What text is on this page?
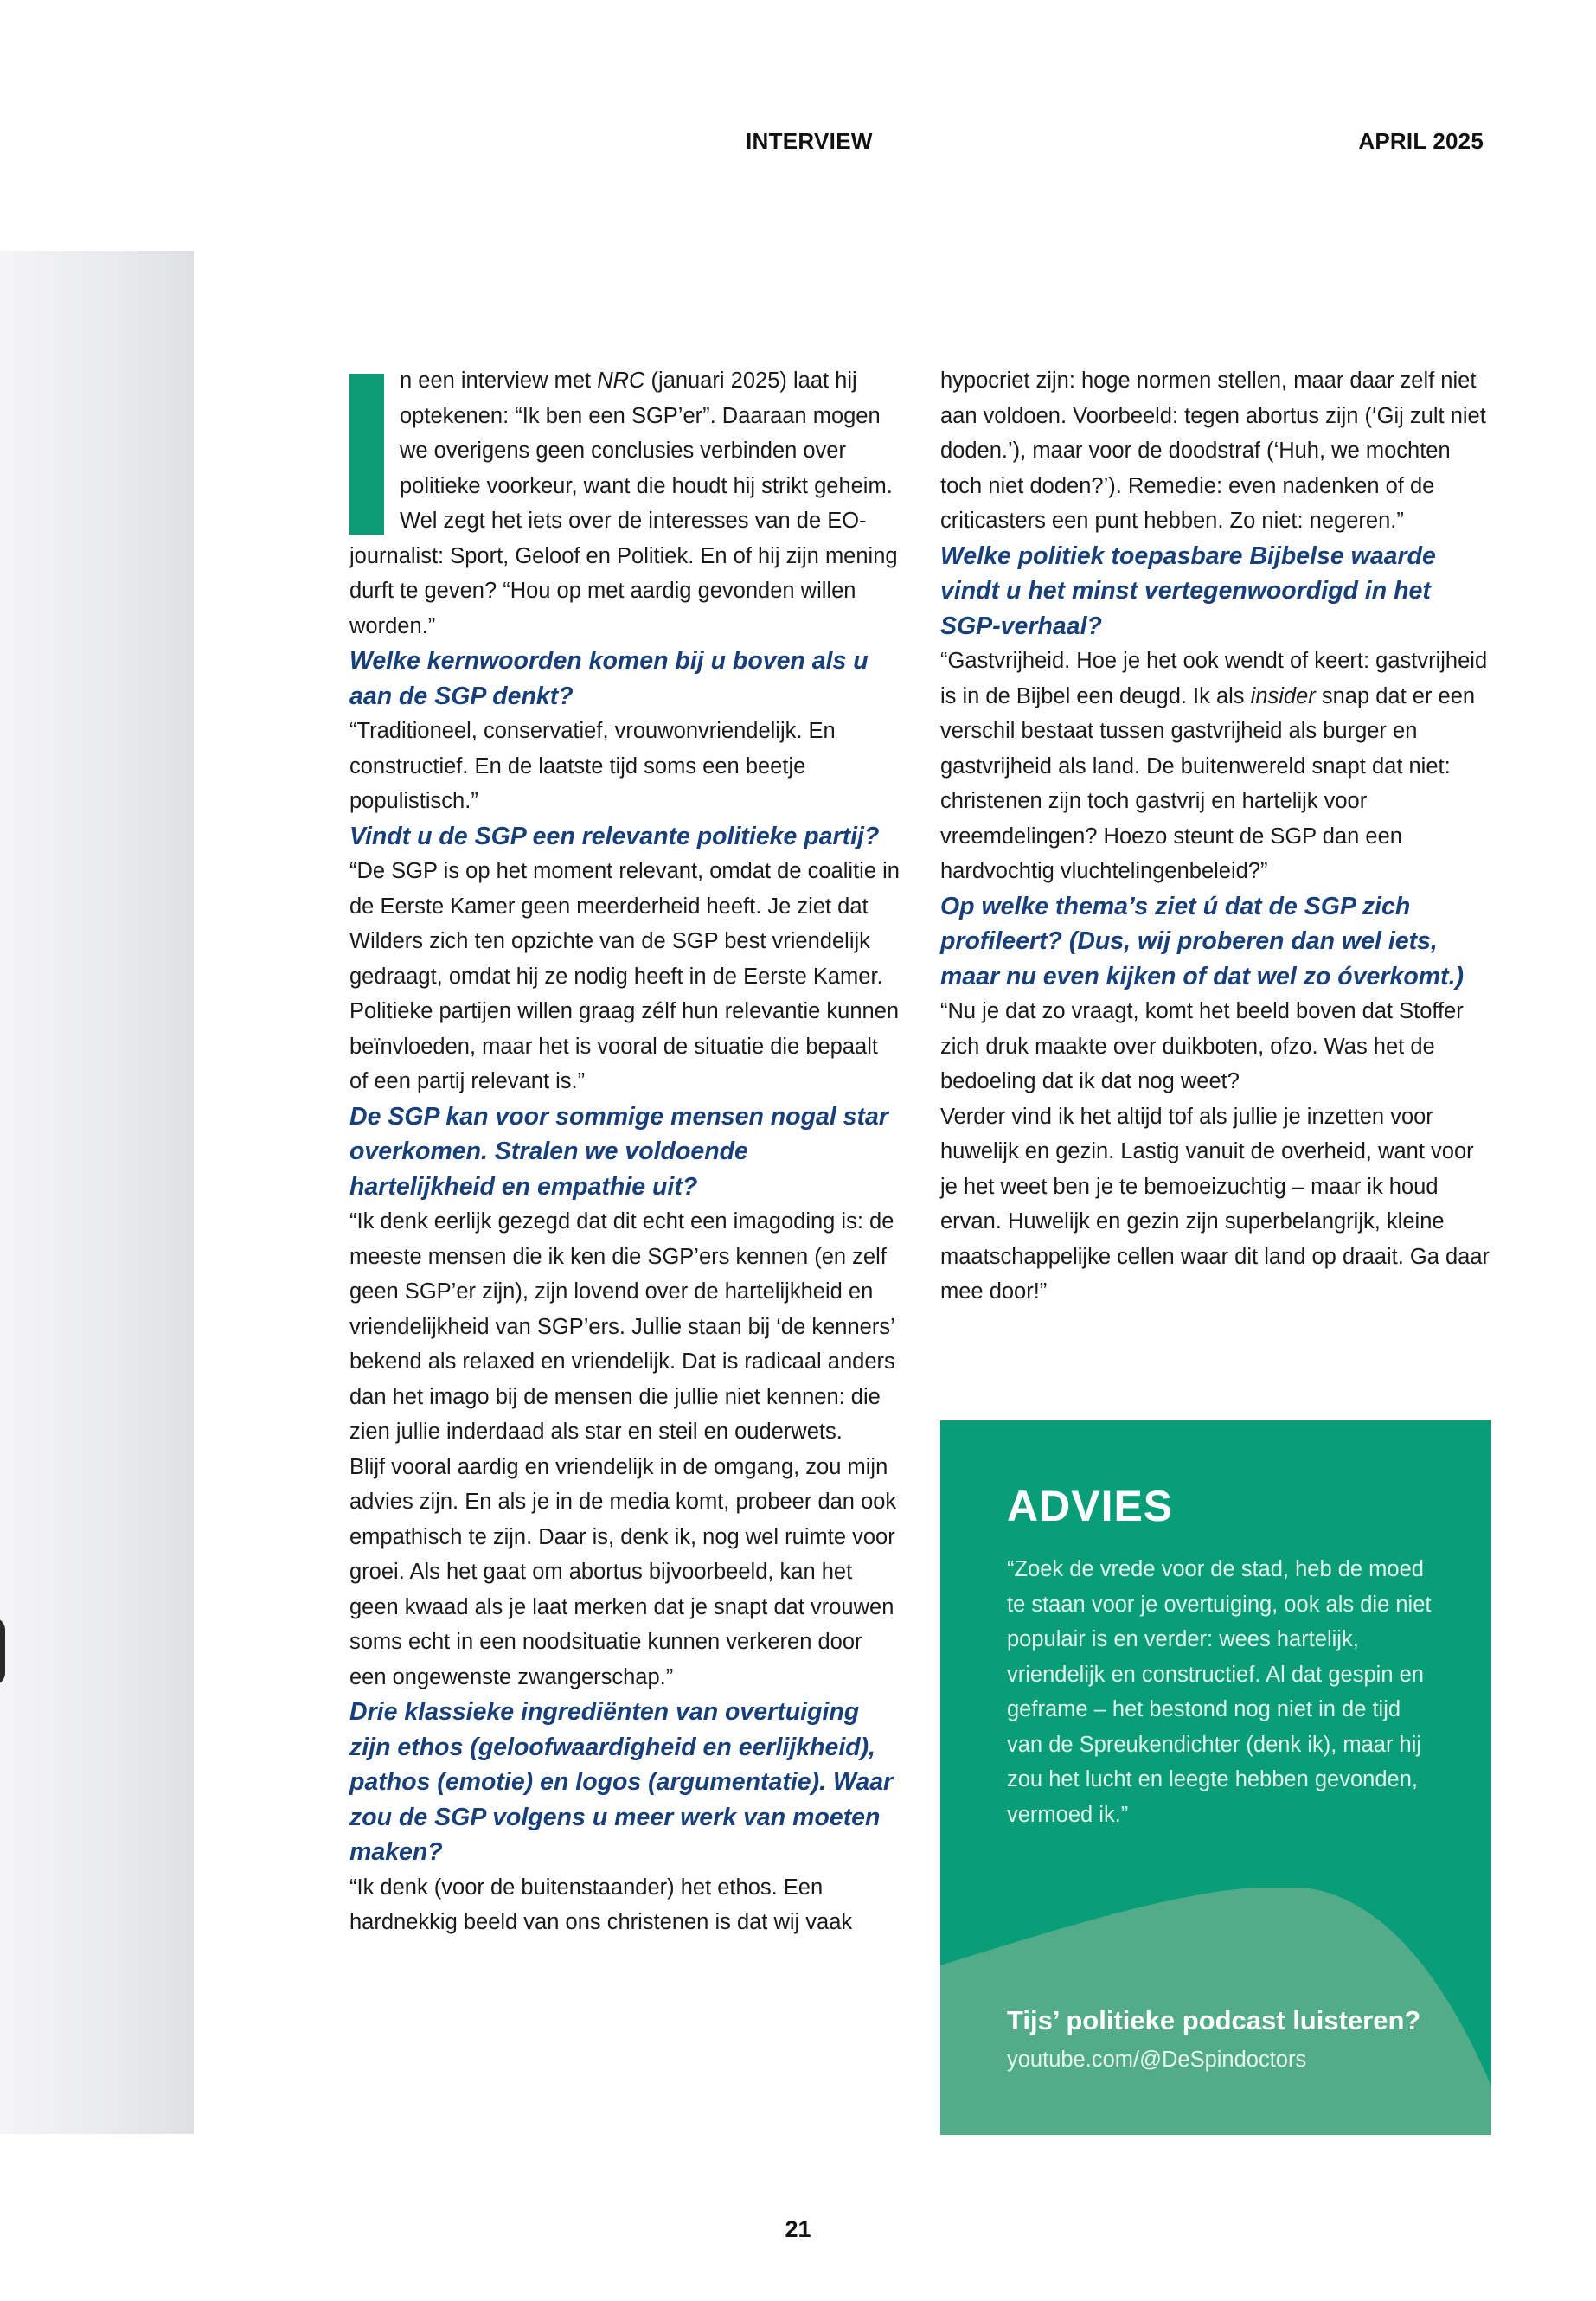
INTERVIEW	APRIL 2025

n een interview met NRC (januari 2025) laat hij optekenen: “Ik ben een SGP’er”. Daaraan mogen we overigens geen conclusies verbinden over politieke voorkeur, want die houdt hij strikt geheim. Wel zegt het iets over de interesses van de EO-journalist: Sport, Geloof en Politiek. En of hij zijn mening durft te geven? “Hou op met aardig gevonden willen worden.”

Welke kernwoorden komen bij u boven als u aan de SGP denkt?

“Traditioneel, conservatief, vrouwonvriendelijk. En constructief. En de laatste tijd soms een beetje populistisch.”

Vindt u de SGP een relevante politieke partij?

“De SGP is op het moment relevant, omdat de coalitie in de Eerste Kamer geen meerderheid heeft. Je ziet dat Wilders zich ten opzichte van de SGP best vriendelijk gedraagt, omdat hij ze nodig heeft in de Eerste Kamer. Politieke partijen willen graag zélf hun relevantie kunnen beïnvloeden, maar het is vooral de situatie die bepaalt of een partij relevant is.”

De SGP kan voor sommige mensen nogal star overkomen. Stralen we voldoende hartelijkheid en empathie uit?

“Ik denk eerlijk gezegd dat dit echt een imagoding is: de meeste mensen die ik ken die SGP’ers kennen (en zelf geen SGP’er zijn), zijn lovend over de hartelijkheid en vriendelijkheid van SGP’ers. Jullie staan bij ‘de kenners’ bekend als relaxed en vriendelijk. Dat is radicaal anders dan het imago bij de mensen die jullie niet kennen: die zien jullie inderdaad als star en steil en ouderwets.

Blijf vooral aardig en vriendelijk in de omgang, zou mijn advies zijn. En als je in de media komt, probeer dan ook empathisch te zijn. Daar is, denk ik, nog wel ruimte voor groei. Als het gaat om abortus bijvoorbeeld, kan het geen kwaad als je laat merken dat je snapt dat vrouwen soms echt in een noodsituatie kunnen verkeren door een ongewenste zwangerschap.”

Drie klassieke ingrediënten van overtuiging zijn ethos (geloofwaardigheid en eerlijkheid), pathos (emotie) en logos (argumentatie). Waar zou de SGP volgens u meer werk van moeten maken?

“Ik denk (voor de buitenstaander) het ethos. Een hardnekkig beeld van ons christenen is dat wij vaak

hypocriet zijn: hoge normen stellen, maar daar zelf niet aan voldoen. Voorbeeld: tegen abortus zijn (‘Gij zult niet doden.’), maar voor de doodstraf (‘Huh, we mochten toch niet doden?’). Remedie: even nadenken of de criticasters een punt hebben. Zo niet: negeren.”

Welke politiek toepasbare Bijbelse waarde vindt u het minst vertegenwoordigd in het SGP-verhaal?

“Gastvrijheid. Hoe je het ook wendt of keert: gastvrijheid is in de Bijbel een deugd. Ik als insider snap dat er een verschil bestaat tussen gastvrijheid als burger en gastvrijheid als land. De buitenwereld snapt dat niet: christenen zijn toch gastvrij en hartelijk voor vreemdelingen? Hoezo steunt de SGP dan een hardvochtig vluchtelingenbeleid?”

Op welke thema’s ziet ú dat de SGP zich profileert? (Dus, wij proberen dan wel iets, maar nu even kijken of dat wel zo óverkomt.)

“Nu je dat zo vraagt, komt het beeld boven dat Stoffer zich druk maakte over duikboten, ofzo. Was het de bedoeling dat ik dat nog weet?

Verder vind ik het altijd tof als jullie je inzetten voor huwelijk en gezin. Lastig vanuit de overheid, want voor je het weet ben je te bemoeizuchtig – maar ik houd ervan. Huwelijk en gezin zijn superbelangrijk, kleine maatschappelijke cellen waar dit land op draait. Ga daar mee door!”

ADVIES

“Zoek de vrede voor de stad, heb de moed te staan voor je overtuiging, ook als die niet populair is en verder: wees hartelijk, vriendelijk en constructief. Al dat gespin en geframe – het bestond nog niet in de tijd van de Spreukendichter (denk ik), maar hij zou het lucht en leegte hebben gevonden, vermoed ik.”

Tijs’ politieke podcast luisteren?
youtube.com/@DeSpindoctors
21
